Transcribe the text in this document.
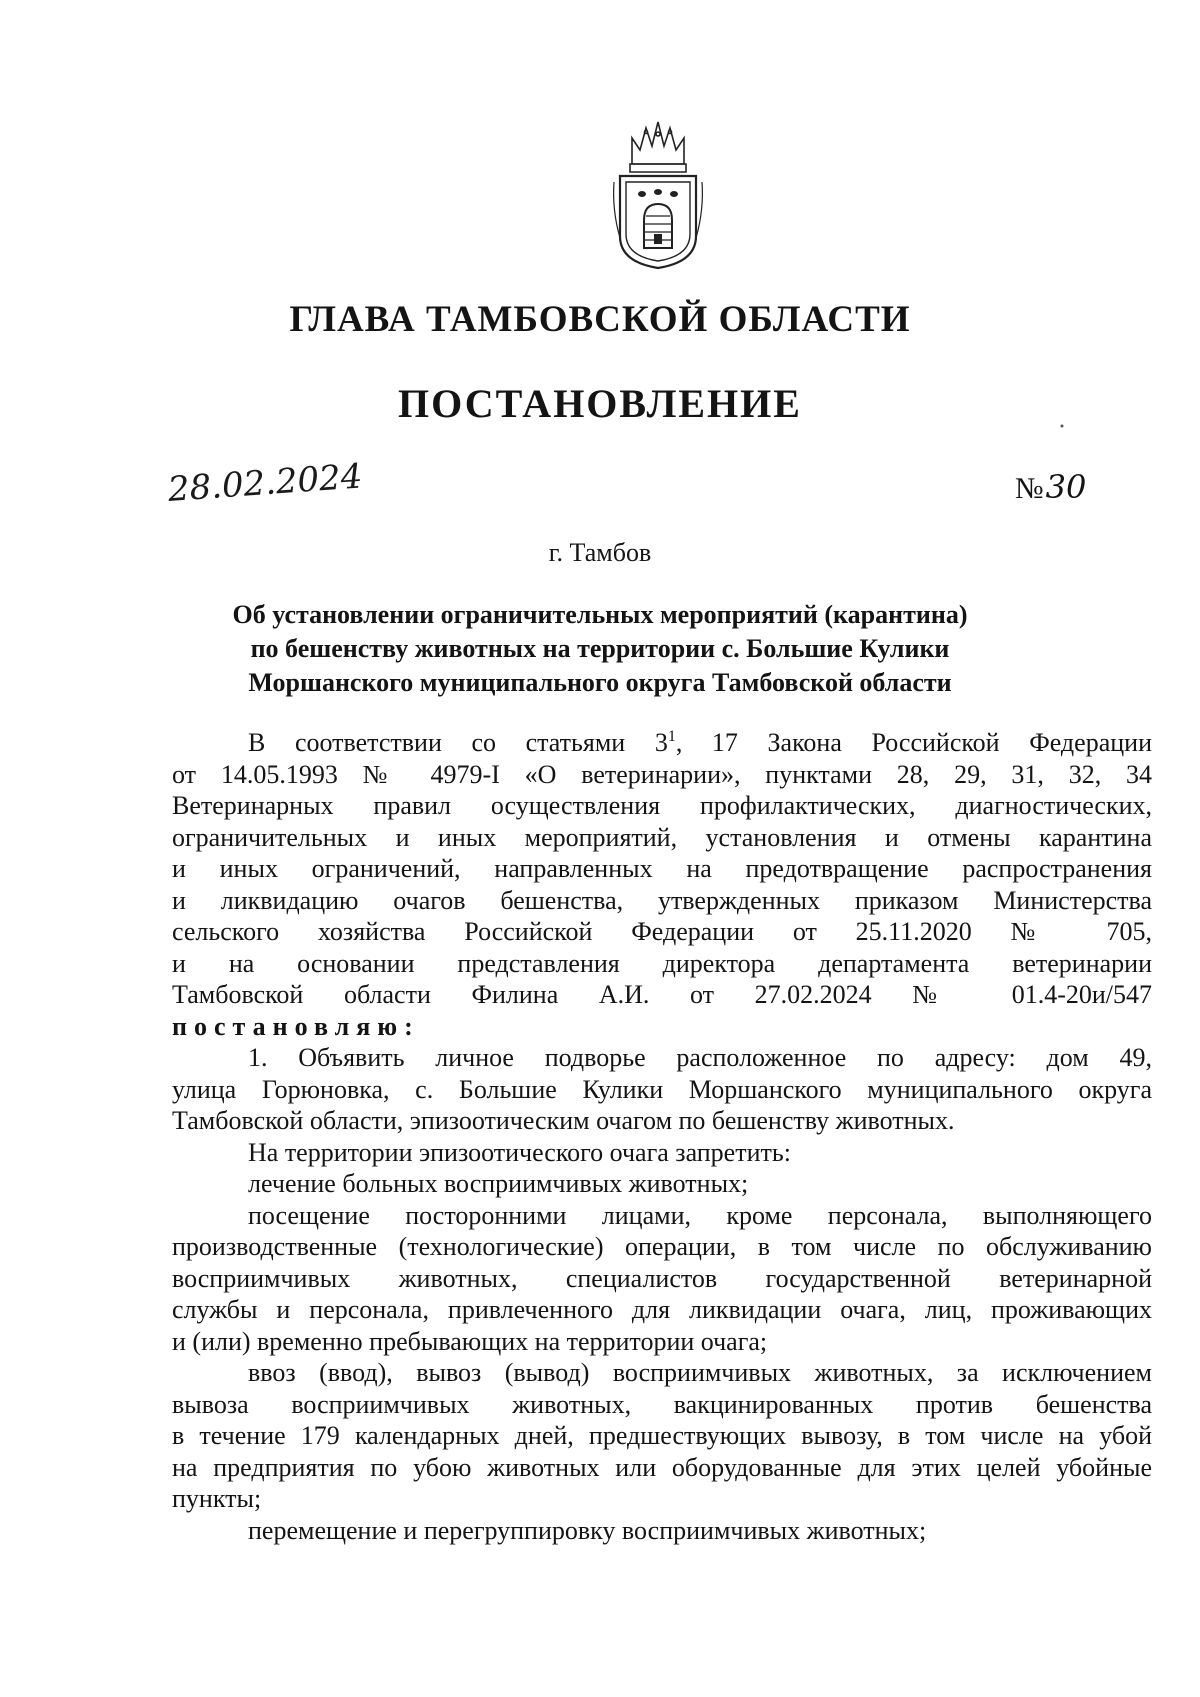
ГЛАВА ТАМБОВСКОЙ ОБЛАСТИ
ПОСТАНОВЛЕНИЕ
28.02.2024	№30
г. Тамбов
Об установлении ограничительных мероприятий (карантина)
по бешенству животных на территории с. Большие Кулики
Моршанского муниципального округа Тамбовской области
В соответствии со статьями $3^1$, 17 Закона Российской Федерации
от 14.05.1993 № 4979-I «О ветеринарии», пунктами 28, 29, 31, 32, 34
Ветеринарных правил осуществления профилактических, диагностических,
ограничительных и иных мероприятий, установления и отмены карантина
и иных ограничений, направленных на предотвращение распространения
и ликвидацию очагов бешенства, утвержденных приказом Министерства
сельского хозяйства Российской Федерации от 25.11.2020 № 705,
и на основании представления директора департамента ветеринарии
Тамбовской области Филина А.И. от 27.02.2024 № 01.4-20и/547
постановляю:
1. Объявить личное подворье расположенное по адресу: дом 49,
улица Горюновка, с. Большие Кулики Моршанского муниципального округа
Тамбовской области, эпизоотическим очагом по бешенству животных.
На территории эпизоотического очага запретить:
лечение больных восприимчивых животных;
посещение посторонними лицами, кроме персонала, выполняющего
производственные (технологические) операции, в том числе по обслуживанию
восприимчивых животных, специалистов государственной ветеринарной
службы и персонала, привлеченного для ликвидации очага, лиц, проживающих
и (или) временно пребывающих на территории очага;
ввоз (ввод), вывоз (вывод) восприимчивых животных, за исключением
вывоза восприимчивых животных, вакцинированных против бешенства
в течение 179 календарных дней, предшествующих вывозу, в том числе на убой
на предприятия по убою животных или оборудованные для этих целей убойные
пункты;
перемещение и перегруппировку восприимчивых животных;
